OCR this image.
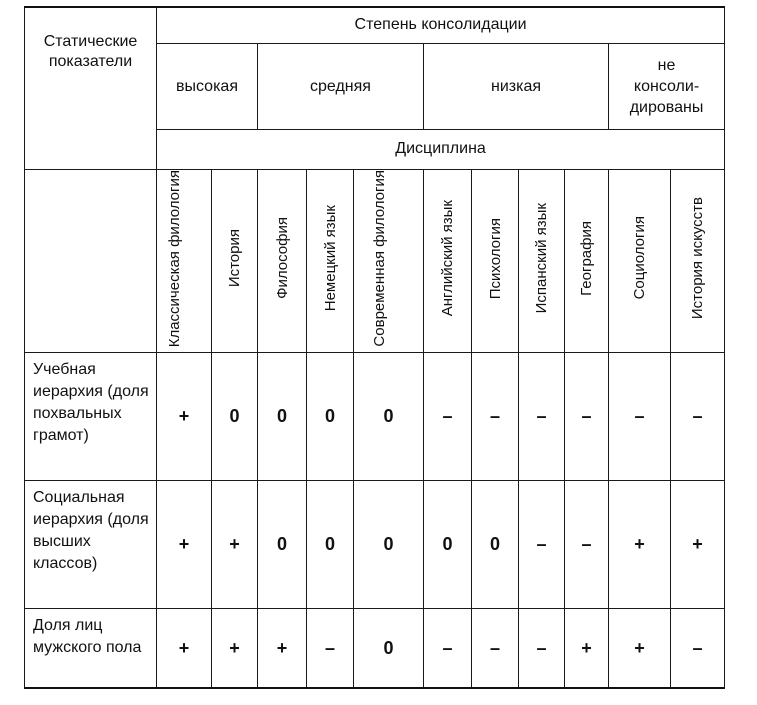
Статические показатели	Степень консолидации										
	высокая		средняя			низкая				не консоли-дированы	
	Дисциплина										
	Классическая филология	История	Философия	Немецкий язык	Современная филология	Английский язык	Психология	Испанский язык	География	Социология	История искусств
Учебная иерархия (доля похвальных грамот)	+	0	0	0	0	–	–	–	–	–	–
Социальная иерархия (доля высших классов)	+	+	0	0	0	0	0	–	–	+	+
Доля лиц мужского пола	+	+	+	–	0	–	–	–	+	+	–
